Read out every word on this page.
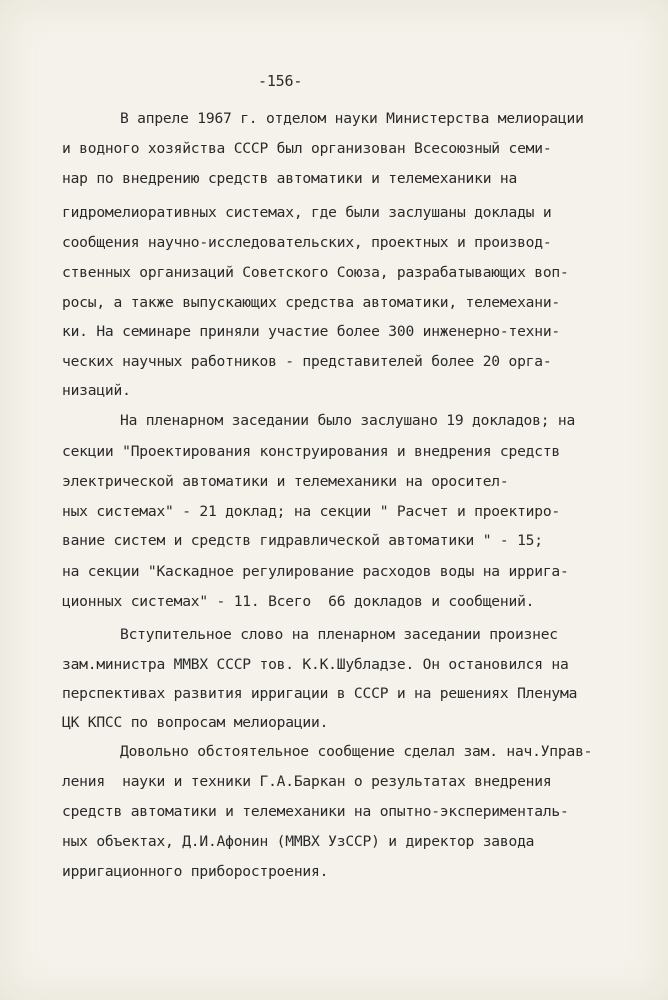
-156-
В апреле 1967 г. отделом науки Министерства мелиорации
и водного хозяйства СССР был организован Всесоюзный семи-
нар по внедрению средств автоматики и телемеханики на
гидромелиоративных системах, где были заслушаны доклады и
сообщения научно-исследовательских, проектных и производ-
ственных организаций Советского Союза, разрабатывающих воп-
росы, а также выпускающих средства автоматики, телемехани-
ки. На семинаре приняли участие более 300 инженерно-техни-
ческих научных работников - представителей более 20 орга-
низаций.
На пленарном заседании было заслушано 19 докладов; на
секции "Проектирования конструирования и внедрения средств
электрической автоматики и телемеханики на оросител-
ных системах" - 21 доклад; на секции " Расчет и проектиро-
вание систем и средств гидравлической автоматики " - 15;
на секции "Каскадное регулирование расходов воды на ирригa-
ционных системах" - 11. Всего  66 докладов и сообщений.
Вступительное слово на пленарном заседании произнес
зам.министра ММВХ СССР тов. К.К.Шубладзе. Он остановился на
перспективах развития ирригации в СССР и на решениях Пленума
ЦК КПСС по вопросам мелиорации.
Довольно обстоятельное сообщение сделал зам. нач.Управ-
ления  науки и техники Г.А.Баркан о результатах внедрения
средств автоматики и телемеханики на опытно-эксперименталь-
ных объектах, Д.И.Афонин (ММВХ УзССР) и директор завода
ирригационного приборостроения.
